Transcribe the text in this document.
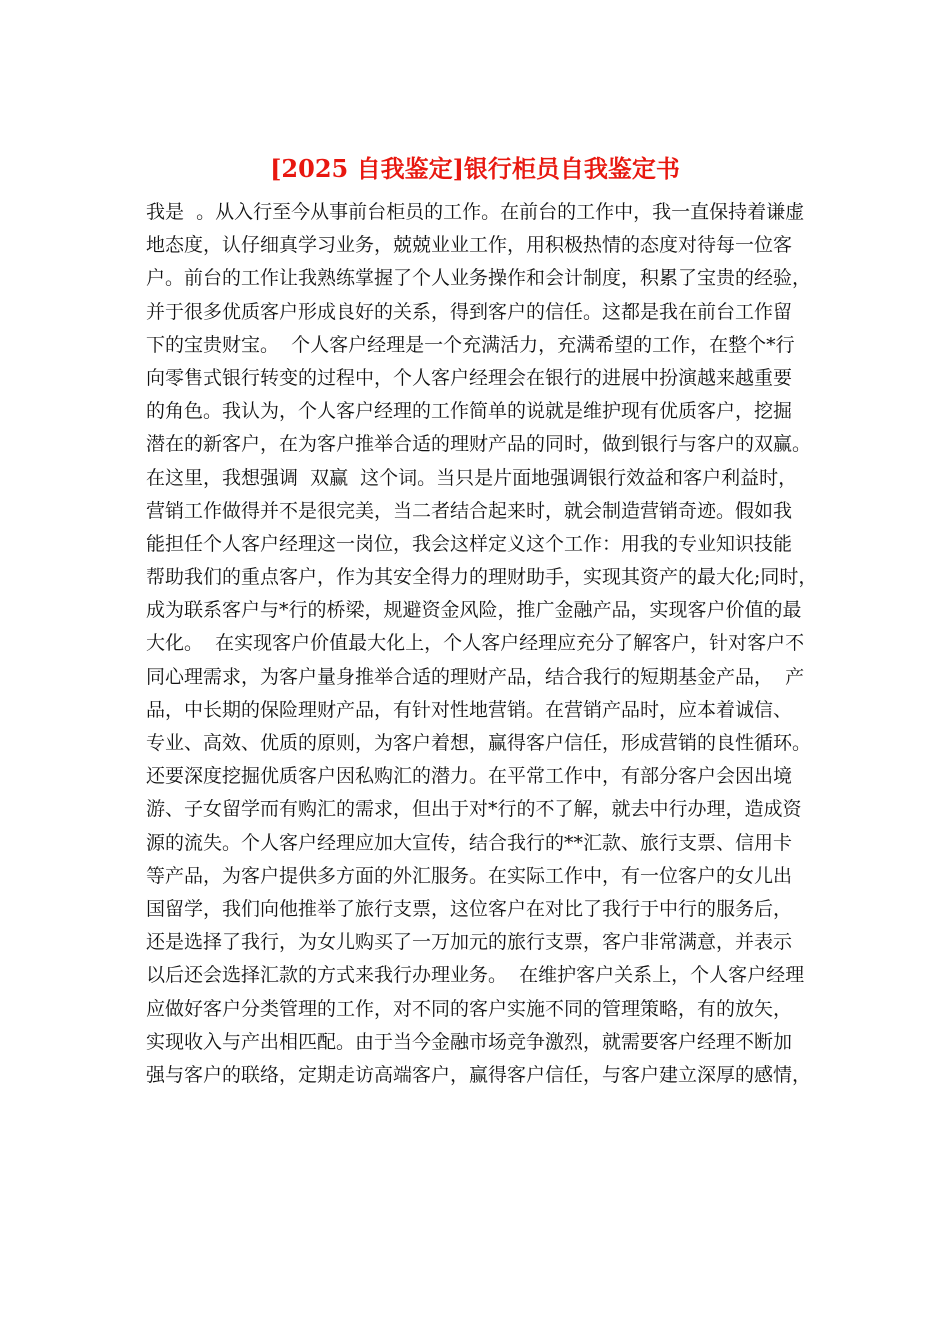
[2025 自我鉴定]银行柜员自我鉴定书
我是  。从入行至今从事前台柜员的工作。在前台的工作中，我一直保持着谦虚
地态度，认仔细真学习业务，兢兢业业工作，用积极热情的态度对待每一位客
户。前台的工作让我熟练掌握了个人业务操作和会计制度，积累了宝贵的经验，
并于很多优质客户形成良好的关系，得到客户的信任。这都是我在前台工作留
下的宝贵财宝。  个人客户经理是一个充满活力，充满希望的工作，在整个*行
向零售式银行转变的过程中，个人客户经理会在银行的进展中扮演越来越重要
的角色。我认为，个人客户经理的工作简单的说就是维护现有优质客户，挖掘
潜在的新客户，在为客户推举合适的理财产品的同时，做到银行与客户的双赢。
在这里，我想强调  双赢  这个词。当只是片面地强调银行效益和客户利益时，
营销工作做得并不是很完美，当二者结合起来时，就会制造营销奇迹。假如我
能担任个人客户经理这一岗位，我会这样定义这个工作：用我的专业知识技能
帮助我们的重点客户，作为其安全得力的理财助手，实现其资产的最大化;同时，
成为联系客户与*行的桥梁，规避资金风险，推广金融产品，实现客户价值的最
大化。  在实现客户价值最大化上，个人客户经理应充分了解客户，针对客户不
同心理需求，为客户量身推举合适的理财产品，结合我行的短期基金产品，  产
品，中长期的保险理财产品，有针对性地营销。在营销产品时，应本着诚信、
专业、高效、优质的原则，为客户着想，赢得客户信任，形成营销的良性循环。
还要深度挖掘优质客户因私购汇的潜力。在平常工作中，有部分客户会因出境
游、子女留学而有购汇的需求，但出于对*行的不了解，就去中行办理，造成资
源的流失。个人客户经理应加大宣传，结合我行的**汇款、旅行支票、信用卡
等产品，为客户提供多方面的外汇服务。在实际工作中，有一位客户的女儿出
国留学，我们向他推举了旅行支票，这位客户在对比了我行于中行的服务后，
还是选择了我行，为女儿购买了一万加元的旅行支票，客户非常满意，并表示
以后还会选择汇款的方式来我行办理业务。  在维护客户关系上，个人客户经理
应做好客户分类管理的工作，对不同的客户实施不同的管理策略，有的放矢，
实现收入与产出相匹配。由于当今金融市场竞争激烈，就需要客户经理不断加
强与客户的联络，定期走访高端客户，赢得客户信任，与客户建立深厚的感情，
